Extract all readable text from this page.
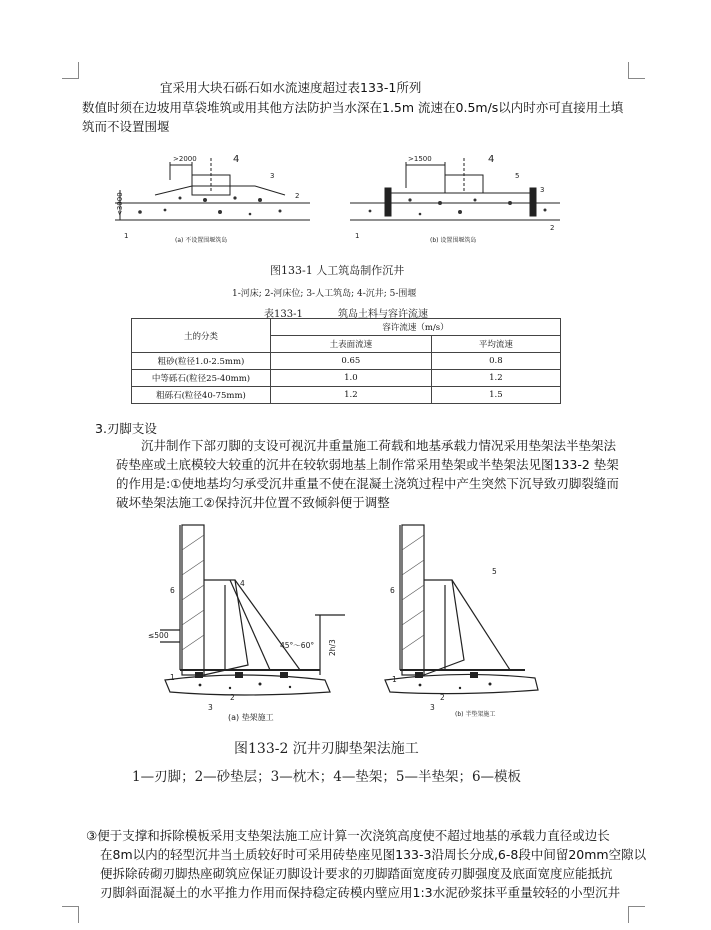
宜采用大块石砾石如水流速度超过表133-1所列
数值时须在边坡用草袋堆筑或用其他方法防护当水深在1.5m 流速在0.5m/s以内时亦可直接用土填
筑而不设置围堰
>2000	>1500
<3000
4
3
2
1
4
5
3
2
1
(a) 不设置围堰筑岛	(b) 设置围堰筑岛
图133-1 人工筑岛制作沉井
1-河床; 2-河床位; 3-人工筑岛; 4-沉井; 5-围堰
表133-1	筑岛土料与容许流速
土的分类	容许流速（m/s）	
	土表面流速	平均流速
粗砂(粒径1.0-2.5mm)	0.65	0.8
中等砾石(粒径25-40mm)	1.0	1.2
粗砾石(粒径40-75mm)	1.2	1.5
3.刃脚支设
沉井制作下部刃脚的支设可视沉井重量施工荷载和地基承载力情况采用垫架法半垫架法
砖垫座或土底模较大较重的沉井在较软弱地基上制作常采用垫架或半垫架法见图133-2 垫架
的作用是:①使地基均匀承受沉井重量不使在混凝土浇筑过程中产生突然下沉导致刃脚裂缝而
破坏垫架法施工②保持沉井位置不致倾斜便于调整
≤500
45°～60° 2h/3
6
4
1
2
3
6
5
1
2
3
(a) 垫架施工	(b) 半垫架施工
图133-2 沉井刃脚垫架法施工
1—刃脚；2—砂垫层；3—枕木；4—垫架；5—半垫架；6—模板
③便于支撑和拆除模板采用支垫架法施工应计算一次浇筑高度使不超过地基的承载力直径或边长
在8m以内的轻型沉井当土质较好时可采用砖垫座见图133-3沿周长分成,6-8段中间留20mm空隙以
便拆除砖砌刃脚热座砌筑应保证刃脚设计要求的刃脚踏面宽度砖刃脚强度及底面宽度应能抵抗
刃脚斜面混凝土的水平推力作用而保持稳定砖模内壁应用1:3水泥砂浆抹平重量较轻的小型沉井
